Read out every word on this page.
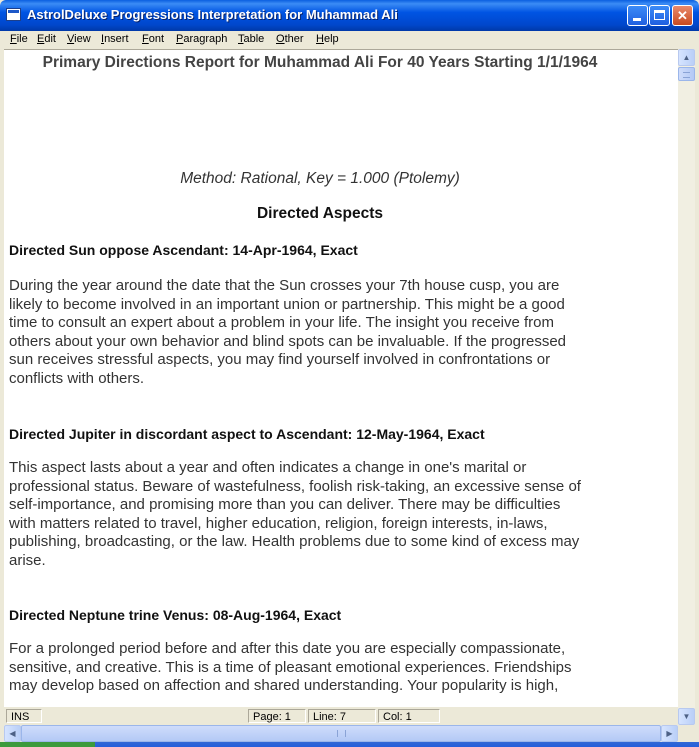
AstrolDeluxe Progressions Interpretation for Muhammad Ali	✕
File Edit View Insert Font Paragraph Table Other Help
Primary Directions Report for Muhammad Ali For 40 Years Starting 1/1/1964
Method: Rational, Key = 1.000 (Ptolemy)
Directed Aspects
Directed Sun oppose Ascendant: 14-Apr-1964, Exact
During the year around the date that the Sun crosses your 7th house cusp, you are
likely to become involved in an important union or partnership. This might be a good
time to consult an expert about a problem in your life. The insight you receive from
others about your own behavior and blind spots can be invaluable. If the progressed
sun receives stressful aspects, you may find yourself involved in confrontations or
conflicts with others.
Directed Jupiter in discordant aspect to Ascendant: 12-May-1964, Exact
This aspect lasts about a year and often indicates a change in one's marital or
professional status. Beware of wastefulness, foolish risk-taking, an excessive sense of
self-importance, and promising more than you can deliver. There may be difficulties
with matters related to travel, higher education, religion, foreign interests, in-laws,
publishing, broadcasting, or the law. Health problems due to some kind of excess may
arise.
Directed Neptune trine Venus: 08-Aug-1964, Exact
For a prolonged period before and after this date you are especially compassionate,
sensitive, and creative. This is a time of pleasant emotional experiences. Friendships
may develop based on affection and shared understanding. Your popularity is high,
▲
▼
INS	Page: 1	Line: 7	Col: 1
◀	▶
